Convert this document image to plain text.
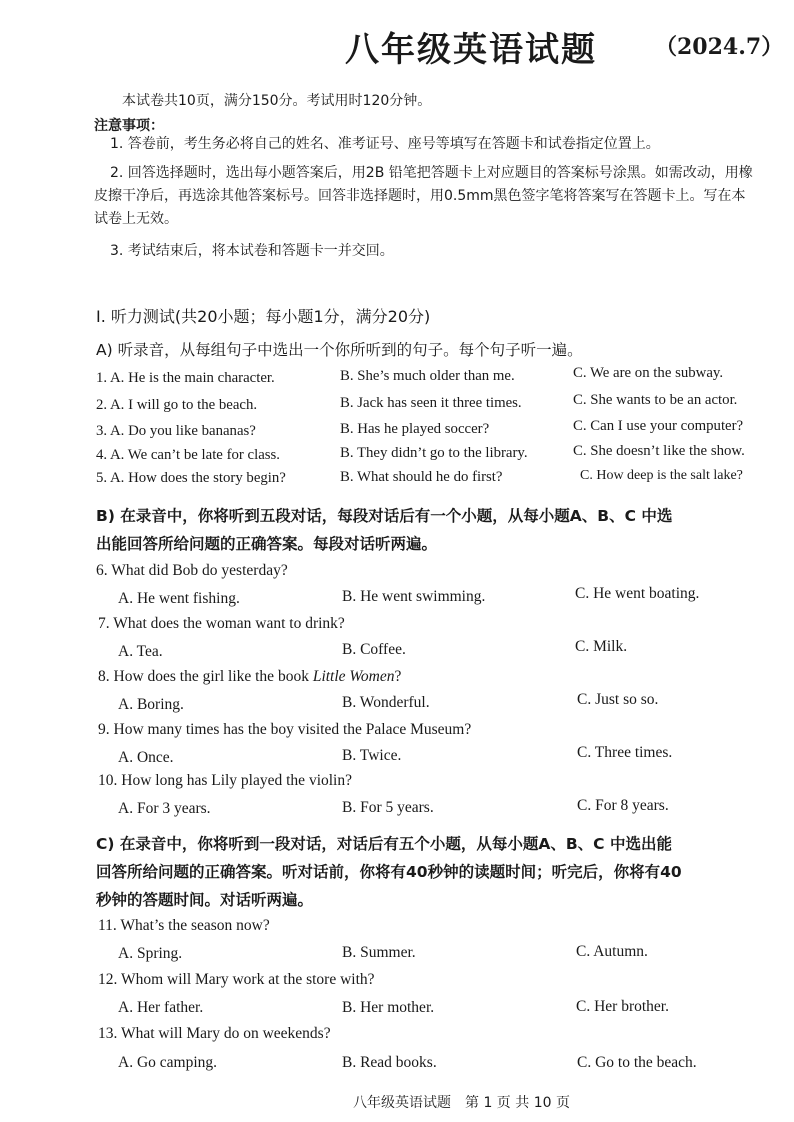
八年级英语试题	（2024.7）
本试卷共10页，满分150分。考试用时120分钟。
注意事项：
1. 答卷前，考生务必将自己的姓名、准考证号、座号等填写在答题卡和试卷指定位置上。
2. 回答选择题时，选出每小题答案后，用2B 铅笔把答题卡上对应题目的答案标号涂黑。如需改动，用橡皮擦干净后，再选涂其他答案标号。回答非选择题时，用0.5mm黑色签字笔将答案写在答题卡上。写在本试卷上无效。
3. 考试结束后，将本试卷和答题卡一并交回。
I. 听力测试(共20小题；每小题1分，满分20分)
A) 听录音，从每组句子中选出一个你所听到的句子。每个句子听一遍。
1. A. He is the main character.	B. She’s much older than me.	C. We are on the subway.
2. A. I will go to the beach.	B. Jack has seen it three times.	C. She wants to be an actor.
3. A. Do you like bananas?	B. Has he played soccer?	C. Can I use your computer?
4. A. We can’t be late for class.	B. They didn’t go to the library.	C. She doesn’t like the show.
5. A. How does the story begin?	B. What should he do first?	C. How deep is the salt lake?
B) 在录音中，你将听到五段对话，每段对话后有一个小题，从每小题A、B、C 中选
出能回答所给问题的正确答案。每段对话听两遍。
6. What did Bob do yesterday?
A. He went fishing.	B. He went swimming.	C. He went boating.
7. What does the woman want to drink?
A. Tea.	B. Coffee.	C. Milk.
8. How does the girl like the book Little Women?
A. Boring.	B. Wonderful.	C. Just so so.
9. How many times has the boy visited the Palace Museum?
A. Once.	B. Twice.	C. Three times.
10. How long has Lily played the violin?
A. For 3 years.	B. For 5 years.	C. For 8 years.
C) 在录音中，你将听到一段对话，对话后有五个小题，从每小题A、B、C 中选出能
回答所给问题的正确答案。听对话前，你将有40秒钟的读题时间；听完后，你将有40
秒钟的答题时间。对话听两遍。
11. What’s the season now?
A. Spring.	B. Summer.	C. Autumn.
12. Whom will Mary work at the store with?
A. Her father.	B. Her mother.	C. Her brother.
13. What will Mary do on weekends?
A. Go camping.	B. Read books.	C. Go to the beach.
八年级英语试题　第 1 页 共 10 页
